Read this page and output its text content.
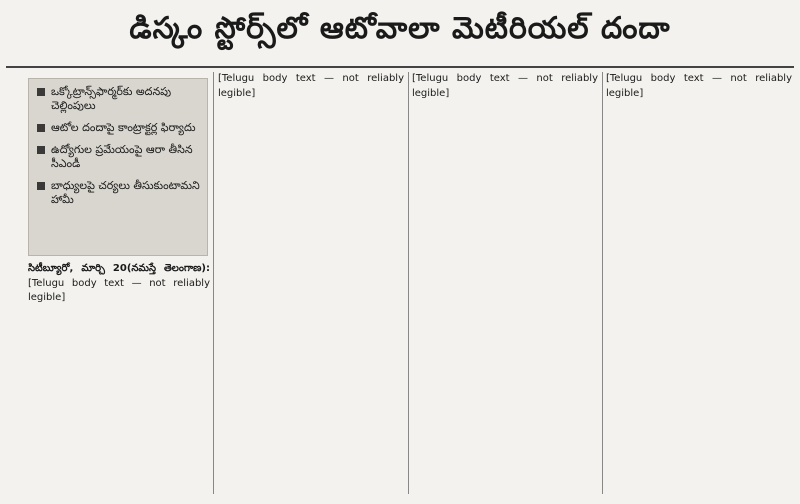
డిస్కం స్టోర్స్‌లో ఆటోవాలా మెటీరియల్ దందా
ఒక్కోట్రాన్స్‌ఫార్మర్‌కు అదనపు చెల్లింపులు
ఆటోల దందాపై కాంట్రాక్టర్ల ఫిర్యాదు
ఉద్యోగుల ప్రమేయంపై ఆరా తీసిన సీఎండీ
బాధ్యులపై చర్యలు తీసుకుంటామని హామీ

సిటీబ్యూరో, మార్చి 20(నమస్తే తెలంగాణ): [Telugu body text — not reliably legible]

[Telugu body text — not reliably legible]

[Telugu body text — not reliably legible]

[Telugu body text — not reliably legible]
